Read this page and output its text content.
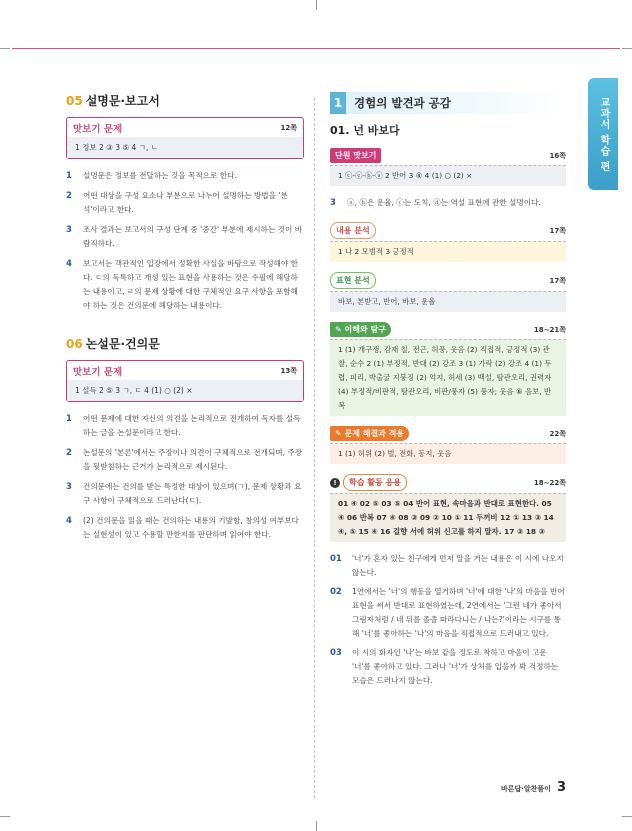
05 설명문·보고서
맛보기 문제	12쪽
1 정보 2 ③ 3 ⑤ 4 ㄱ, ㄴ
1	설명문은 정보를 전달하는 것을 목적으로 한다.
2	어떤 대상을 구성 요소나 부분으로 나누어 설명하는 방법을 '분석'이라고 한다.
3	조사 결과는 보고서의 구성 단계 중 '중간' 부분에 제시하는 것이 바람직하다.
4	보고서는 객관적인 입장에서 정확한 사실을 바탕으로 작성해야 한다. ㄷ의 독특하고 개성 있는 표현을 사용하는 것은 수필에 해당하는 내용이고, ㄹ의 문제 상황에 대한 구체적인 요구 사항을 포함해야 하는 것은 건의문에 해당하는 내용이다.
06 논설문·건의문
맛보기 문제	13쪽
1 설득 2 ⑤ 3 ㄱ, ㄷ 4 (1) ○ (2) ×
1	어떤 문제에 대한 자신의 의견을 논리적으로 전개하여 독자를 설득하는 글을 논설문이라고 한다.
2	논설문의 '본론'에서는 주장이나 의견이 구체적으로 전개되며, 주장을 뒷받침하는 근거가 논리적으로 제시된다.
3	건의문에는 건의를 받는 특정한 대상이 있으며(ㄱ), 문제 상황과 요구 사항이 구체적으로 드러난다(ㄷ).
4	(2) 건의문을 읽을 때는 건의하는 내용의 기발함, 창의성 여부보다는 실현성이 있고 수용할 만한지를 판단하며 읽어야 한다.
1	경험의 발견과 공감
01. 넌 바보다
단원 맛보기	16쪽
1 ⓒ-ⓔ-ⓑ-ⓐ 2 반어 3 ④ 4 (1) ○ (2) ×
3	ⓐ, ⓑ은 운율, ⓒ는 도치, ⓓ는 역설 표현에 관한 설명이다.
내용 분석	17쪽
1 나 2 모범적 3 긍정적
표현 분석	17쪽
바보, 본받고, 반어, 바보, 운율
✎ 이해와 탐구	18~21쪽
1 (1) 개구쟁, 감재 칠, 전근, 허풍, 웃음 (2) 직접적, 긍정적 (3) 관찰, 순수 2 (1) 부정적, 반대 (2) 강조 3 (1) 가락 (2) 강조 4 (1) 두렵, 피리, 박출굴 지붕징 (2) 억지, 허세 (3) 백설, 탐관오리, 권력자 (4) 부정적/비판적, 탐관오리, 비판/풍자 (5) 풍자; 웃음 ⑥ 음보, 반복
✎ 문제 해결과 적용	22쪽
1 (1) 허위 (2) 벌, 전화, 동지, 웃음
!	학습 활동 응용	18~22쪽
01 ④ 02 ⑤ 03 ⑤ 04 반어 표현, 속마음과 반대로 표현한다. 05 ④ 06 반복 07 ④ 08 ③ 09 ② 10 ① 11 두꺼비 12 ① 13 ③ 14 ④, ⑤ 15 ④ 16 걸향 서에 허위 신고를 하지 말자. 17 ③ 18 ③
01	'너'가 혼자 있는 친구에게 먼저 말을 거는 내용은 이 시에 나오지 않는다.
02	1연에서는 '너'의 행동을 열거하며 '너'에 대한 '나'의 마음을 반어 표현을 써서 반대로 표현하였는데, 2연에서는 '그런 네가 좋아서 그림자처럼 / 네 뒤를 졸졸 따라다니는 / 나는?'이라는 시구를 통해 '너'를 좋아하는 '나'의 마음을 직접적으로 드러내고 있다.
03	이 시의 화자인 '나'는 바보 같을 정도로 착하고 마음이 고운 '너'를 좋아하고 있다. 그러나 '너'가 상처를 입을까 봐 걱정하는 모습은 드러나지 않는다.
교과서 학습 편
바른답·알찬풀이 3
